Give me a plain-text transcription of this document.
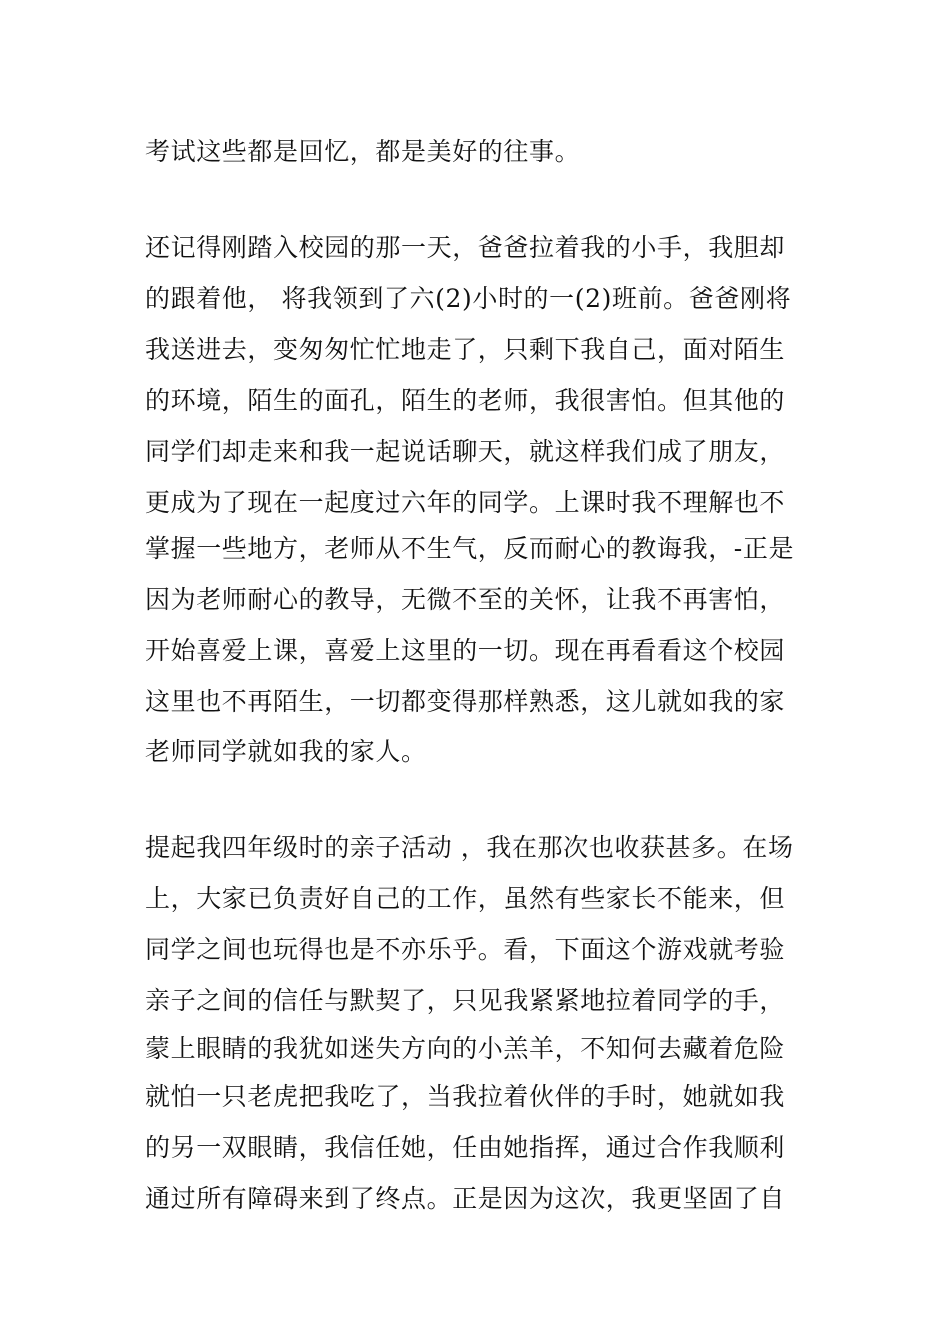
考试这些都是回忆，都是美好的往事。
还记得刚踏入校园的那一天，爸爸拉着我的小手，我胆却
的跟着他， 将我领到了六(2)小时的一(2)班前。爸爸刚将
我送进去，变匆匆忙忙地走了，只剩下我自己，面对陌生
的环境，陌生的面孔，陌生的老师，我很害怕。但其他的
同学们却走来和我一起说话聊天，就这样我们成了朋友，
更成为了现在一起度过六年的同学。上课时我不理解也不
掌握一些地方，老师从不生气，反而耐心的教诲我，-正是
因为老师耐心的教导，无微不至的关怀，让我不再害怕，
开始喜爱上课，喜爱上这里的一切。现在再看看这个校园
这里也不再陌生，一切都变得那样熟悉，这儿就如我的家
老师同学就如我的家人。
提起我四年级时的亲子活动 ，我在那次也收获甚多。在场
上，大家已负责好自己的工作，虽然有些家长不能来，但
同学之间也玩得也是不亦乐乎。看，下面这个游戏就考验
亲子之间的信任与默契了，只见我紧紧地拉着同学的手，
蒙上眼睛的我犹如迷失方向的小羔羊，不知何去藏着危险
就怕一只老虎把我吃了，当我拉着伙伴的手时，她就如我
的另一双眼睛，我信任她，任由她指挥，通过合作我顺利
通过所有障碍来到了终点。正是因为这次，我更坚固了自
